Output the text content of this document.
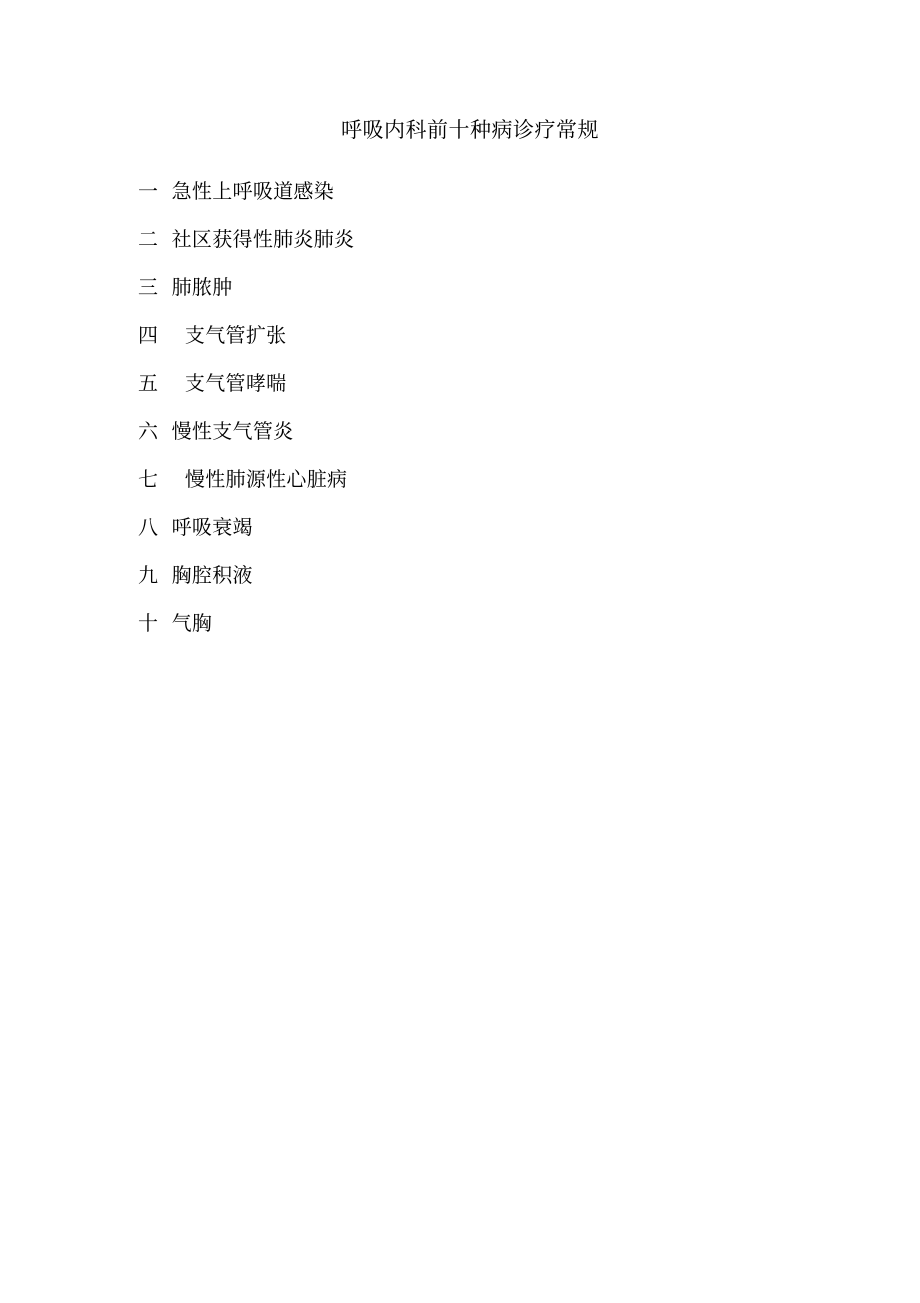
呼吸内科前十种病诊疗常规
一  急性上呼吸道感染
二  社区获得性肺炎肺炎
三  肺脓肿
四    支气管扩张
五    支气管哮喘
六  慢性支气管炎
七    慢性肺源性心脏病
八  呼吸衰竭
九  胸腔积液
十  气胸
